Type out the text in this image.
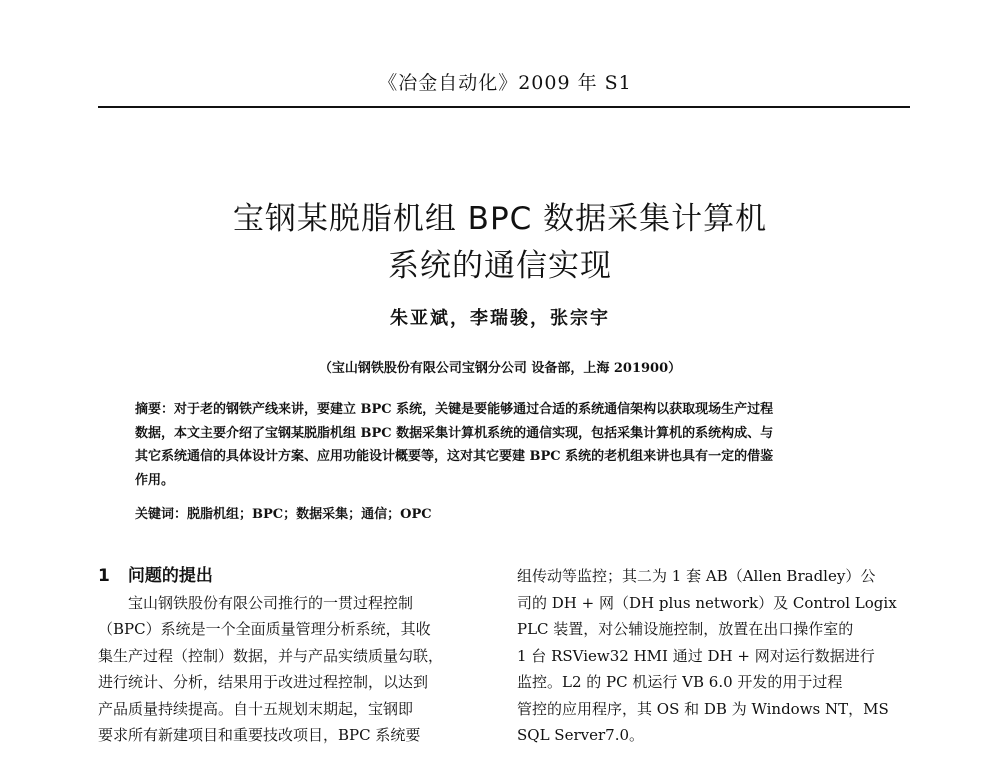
《冶金自动化》2009 年 S1
宝钢某脱脂机组 BPC 数据采集计算机
系统的通信实现
朱亚斌，李瑞骏，张宗宇
（宝山钢铁股份有限公司宝钢分公司 设备部，上海 201900）
摘要：对于老的钢铁产线来讲，要建立 BPC 系统，关键是要能够通过合适的系统通信架构以获取现场生产过程
数据，本文主要介绍了宝钢某脱脂机组 BPC 数据采集计算机系统的通信实现，包括采集计算机的系统构成、与
其它系统通信的具体设计方案、应用功能设计概要等，这对其它要建 BPC 系统的老机组来讲也具有一定的借鉴
作用。
关键词：脱脂机组；BPC；数据采集；通信；OPC
1 问题的提出
宝山钢铁股份有限公司推行的一贯过程控制
（BPC）系统是一个全面质量管理分析系统，其收
集生产过程（控制）数据，并与产品实绩质量勾联，
进行统计、分析，结果用于改进过程控制，以达到
产品质量持续提高。自十五规划末期起，宝钢即
要求所有新建项目和重要技改项目，BPC 系统要
组传动等监控；其二为 1 套 AB（Allen Bradley）公
司的 DH + 网（DH plus network）及 Control Logix
PLC 装置，对公辅设施控制，放置在出口操作室的
1 台 RSView32 HMI 通过 DH + 网对运行数据进行
监控。L2 的 PC 机运行 VB 6.0 开发的用于过程
管控的应用程序，其 OS 和 DB 为 Windows NT，MS
SQL Server7.0。
